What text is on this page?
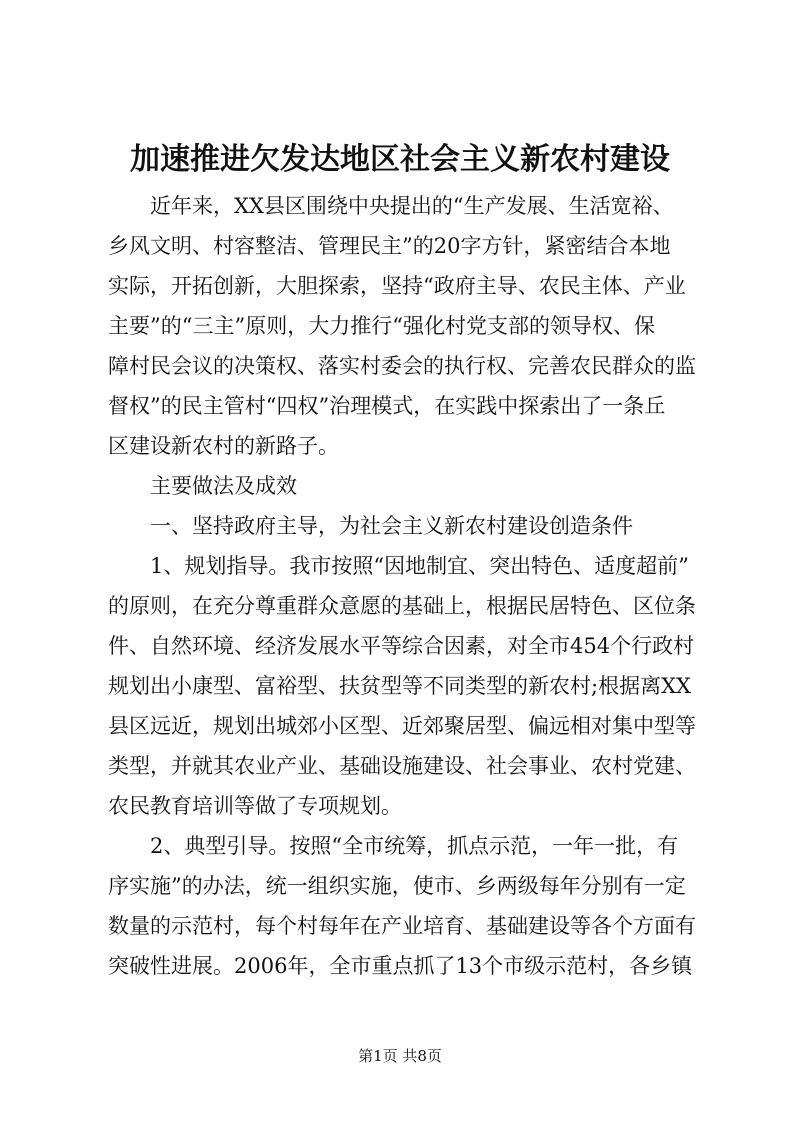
加速推进欠发达地区社会主义新农村建设
近年来，XX县区围绕中央提出的“生产发展、生活宽裕、
乡风文明、村容整洁、管理民主”的20字方针，紧密结合本地
实际，开拓创新，大胆探索，坚持“政府主导、农民主体、产业
主要”的“三主”原则，大力推行“强化村党支部的领导权、保
障村民会议的决策权、落实村委会的执行权、完善农民群众的监
督权”的民主管村“四权”治理模式，在实践中探索出了一条丘
区建设新农村的新路子。
主要做法及成效
一、坚持政府主导，为社会主义新农村建设创造条件
1、规划指导。我市按照“因地制宜、突出特色、适度超前”
的原则，在充分尊重群众意愿的基础上，根据民居特色、区位条
件、自然环境、经济发展水平等综合因素，对全市454个行政村
规划出小康型、富裕型、扶贫型等不同类型的新农村;根据离XX
县区远近，规划出城郊小区型、近郊聚居型、偏远相对集中型等
类型，并就其农业产业、基础设施建设、社会事业、农村党建、
农民教育培训等做了专项规划。
2、典型引导。按照“全市统筹，抓点示范，一年一批，有
序实施”的办法，统一组织实施，使市、乡两级每年分别有一定
数量的示范村，每个村每年在产业培育、基础建设等各个方面有
突破性进展。2006年，全市重点抓了13个市级示范村，各乡镇
第1页 共8页
